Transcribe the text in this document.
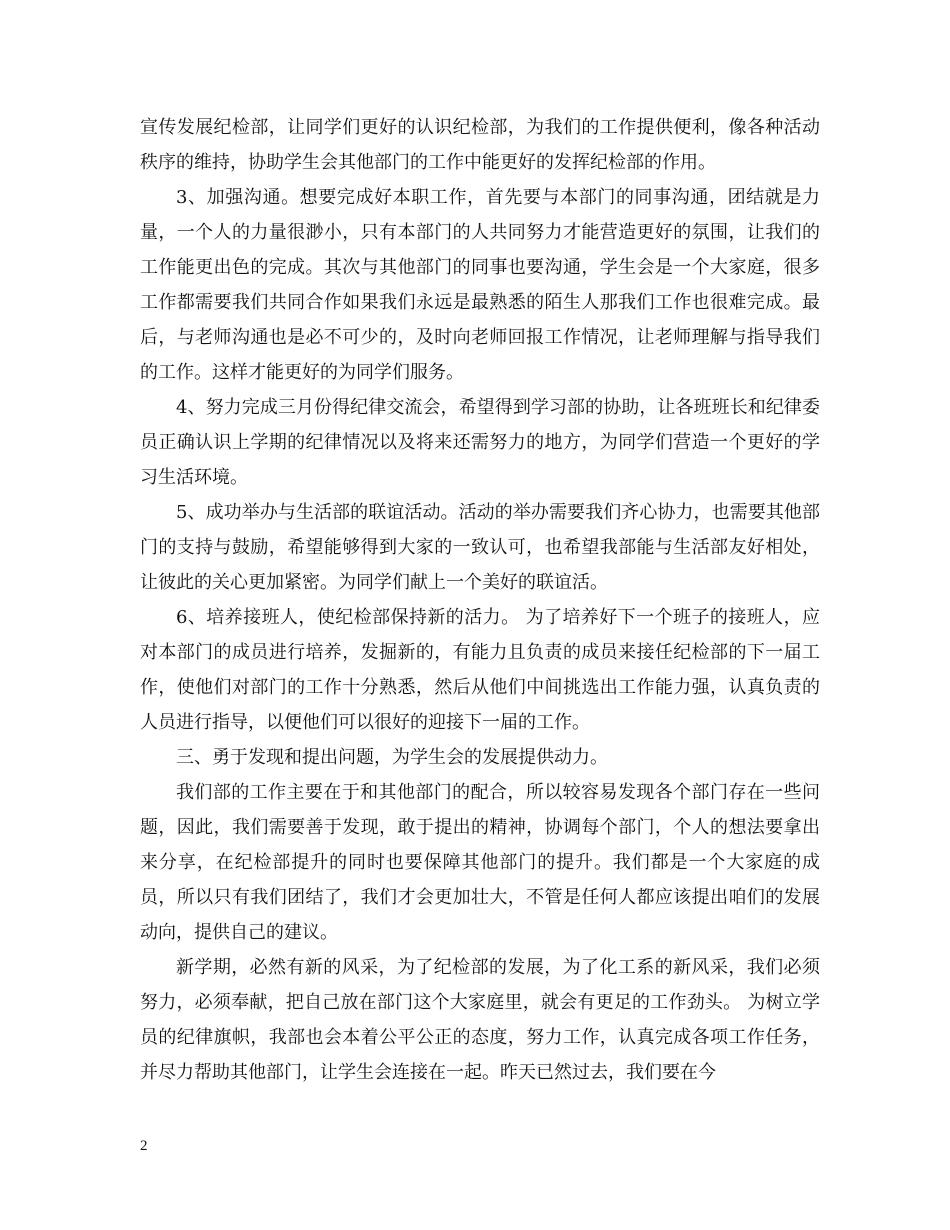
宣传发展纪检部，让同学们更好的认识纪检部，为我们的工作提供便利，像各种活动秩序的维持，协助学生会其他部门的工作中能更好的发挥纪检部的作用。

3、加强沟通。想要完成好本职工作，首先要与本部门的同事沟通，团结就是力量，一个人的力量很渺小，只有本部门的人共同努力才能营造更好的氛围，让我们的工作能更出色的完成。其次与其他部门的同事也要沟通，学生会是一个大家庭，很多工作都需要我们共同合作如果我们永远是最熟悉的陌生人那我们工作也很难完成。最后，与老师沟通也是必不可少的，及时向老师回报工作情况，让老师理解与指导我们的工作。这样才能更好的为同学们服务。

4、努力完成三月份得纪律交流会，希望得到学习部的协助，让各班班长和纪律委员正确认识上学期的纪律情况以及将来还需努力的地方，为同学们营造一个更好的学习生活环境。

5、成功举办与生活部的联谊活动。活动的举办需要我们齐心协力，也需要其他部门的支持与鼓励，希望能够得到大家的一致认可，也希望我部能与生活部友好相处，让彼此的关心更加紧密。为同学们献上一个美好的联谊活。

6、培养接班人，使纪检部保持新的活力。 为了培养好下一个班子的接班人，应对本部门的成员进行培养，发掘新的，有能力且负责的成员来接任纪检部的下一届工作，使他们对部门的工作十分熟悉，然后从他们中间挑选出工作能力强，认真负责的人员进行指导，以便他们可以很好的迎接下一届的工作。

三、勇于发现和提出问题，为学生会的发展提供动力。

我们部的工作主要在于和其他部门的配合，所以较容易发现各个部门存在一些问题，因此，我们需要善于发现，敢于提出的精神，协调每个部门，个人的想法要拿出来分享，在纪检部提升的同时也要保障其他部门的提升。我们都是一个大家庭的成员，所以只有我们团结了，我们才会更加壮大，不管是任何人都应该提出咱们的发展动向，提供自己的建议。

新学期，必然有新的风采，为了纪检部的发展，为了化工系的新风采，我们必须努力，必须奉献，把自己放在部门这个大家庭里，就会有更足的工作劲头。 为树立学员的纪律旗帜，我部也会本着公平公正的态度，努力工作，认真完成各项工作任务，并尽力帮助其他部门，让学生会连接在一起。昨天已然过去，我们要在今

2
